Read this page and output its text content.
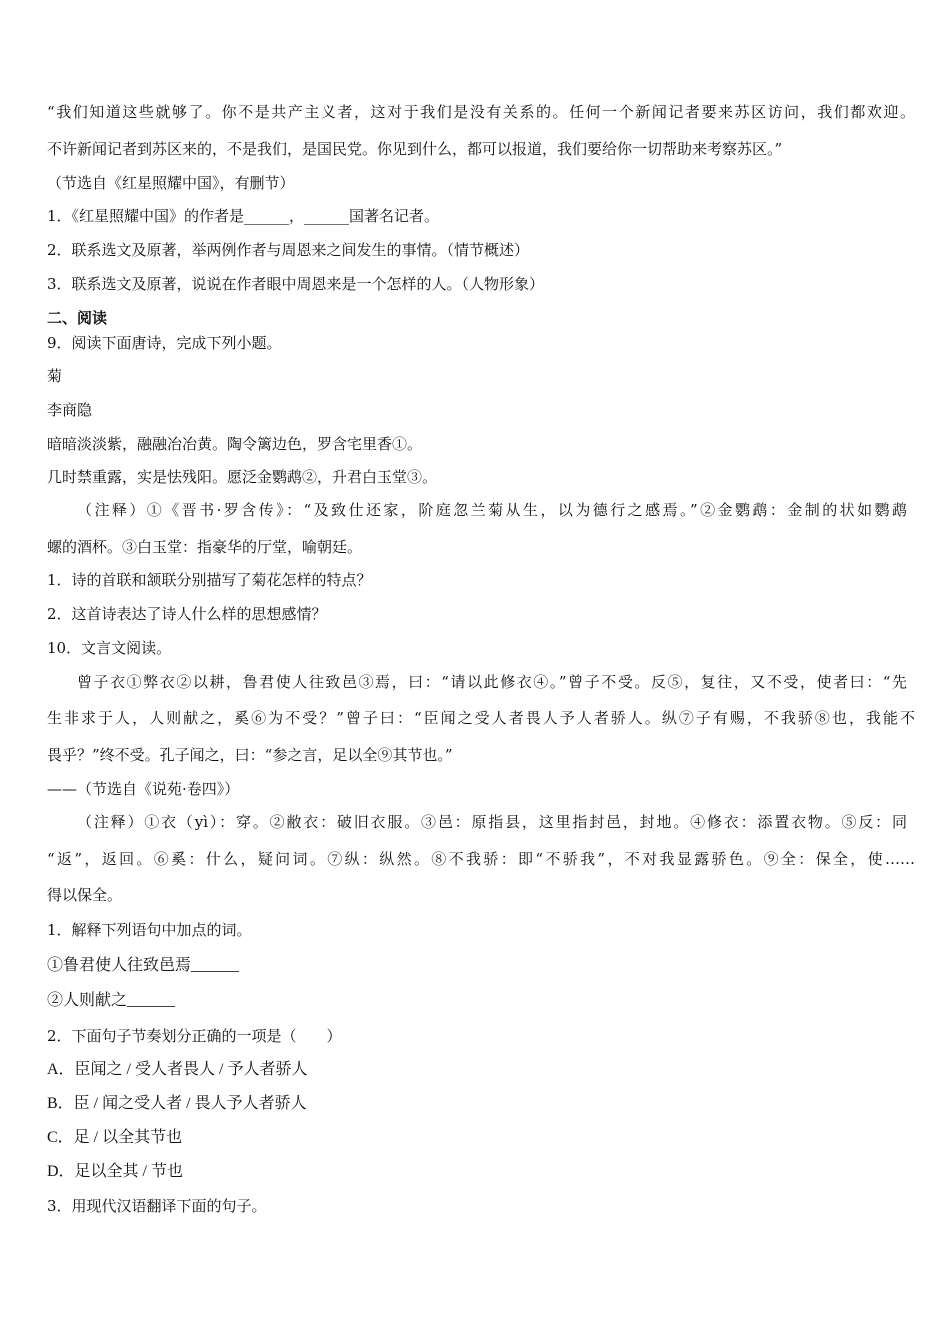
“我们知道这些就够了。你不是共产主义者，这对于我们是没有关系的。任何一个新闻记者要来苏区访问，我们都欢迎。
不许新闻记者到苏区来的，不是我们，是国民党。你见到什么，都可以报道，我们要给你一切帮助来考察苏区。”
（节选自《红星照耀中国》，有删节）
1．《红星照耀中国》的作者是______，______国著名记者。
2．联系选文及原著，举两例作者与周恩来之间发生的事情。（情节概述）
3．联系选文及原著，说说在作者眼中周恩来是一个怎样的人。（人物形象）
二、阅读
9．阅读下面唐诗，完成下列小题。
菊
李商隐
暗暗淡淡紫，融融冶冶黄。陶令篱边色，罗含宅里香①。
几时禁重露，实是怯残阳。愿泛金鹦鹉②，升君白玉堂③。
（注释）①《晋书·罗含传》：“及致仕还家，阶庭忽兰菊从生，以为德行之感焉。”②金鹦鹉：金制的状如鹦鹉
螺的酒杯。③白玉堂：指豪华的厅堂，喻朝廷。
1．诗的首联和颔联分别描写了菊花怎样的特点？
2．这首诗表达了诗人什么样的思想感情？
10．文言文阅读。
曾子衣①弊衣②以耕，鲁君使人往致邑③焉，曰：“请以此修衣④。”曾子不受。反⑤，复往，又不受，使者曰：“先
生非求于人，人则献之，奚⑥为不受？”曾子曰：“臣闻之受人者畏人予人者骄人。纵⑦子有赐，不我骄⑧也，我能不
畏乎？”终不受。孔子闻之，曰：“参之言，足以全⑨其节也。”
——（节选自《说苑·卷四》）
（注释）①衣（yì）：穿。②敝衣：破旧衣服。③邑：原指县，这里指封邑，封地。④修衣：添置衣物。⑤反：同
“返”，返回。⑥奚：什么，疑问词。⑦纵：纵然。⑧不我骄：即“不骄我”，不对我显露骄色。⑨全：保全，使……
得以保全。
1．解释下列语句中加点的词。
①鲁君使人往致邑焉______
②人则献之______
2．下面句子节奏划分正确的一项是（　　）
A．臣闻之 / 受人者畏人 / 予人者骄人
B．臣 / 闻之受人者 / 畏人予人者骄人
C．足 / 以全其节也
D．足以全其 / 节也
3．用现代汉语翻译下面的句子。
